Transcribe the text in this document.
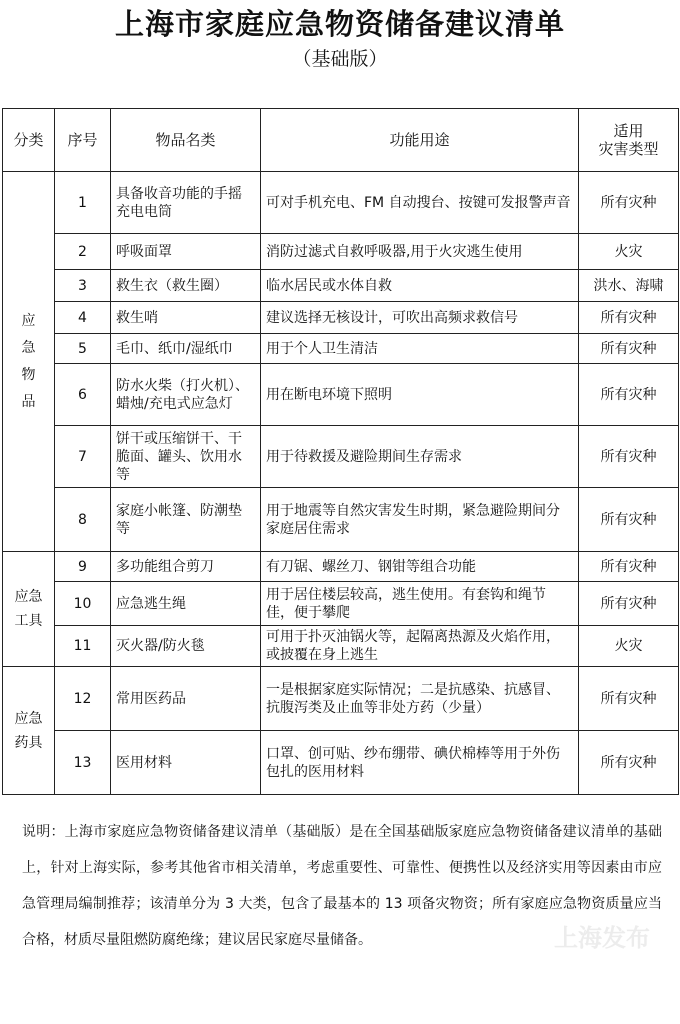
上海市家庭应急物资储备建议清单
（基础版）
分类	序号	物品名类	功能用途	适用
灾害类型
应
急
物
品	1	具备收音功能的手摇充电电筒	可对手机充电、FM 自动搜台、按键可发报警声音	所有灾种
	2	呼吸面罩	消防过滤式自救呼吸器,用于火灾逃生使用	火灾
	3	救生衣（救生圈）	临水居民或水体自救	洪水、海啸
	4	救生哨	建议选择无核设计，可吹出高频求救信号	所有灾种
	5	毛巾、纸巾/湿纸巾	用于个人卫生清洁	所有灾种
	6	防水火柴（打火机）、蜡烛/充电式应急灯	用在断电环境下照明	所有灾种
	7	饼干或压缩饼干、干脆面、罐头、饮用水等	用于待救援及避险期间生存需求	所有灾种
	8	家庭小帐篷、防潮垫等	用于地震等自然灾害发生时期，紧急避险期间分家庭居住需求	所有灾种
应急
工具	9	多功能组合剪刀	有刀锯、螺丝刀、钢钳等组合功能	所有灾种
	10	应急逃生绳	用于居住楼层较高，逃生使用。有套钩和绳节佳，便于攀爬	所有灾种
	11	灭火器/防火毯	可用于扑灭油锅火等，起隔离热源及火焰作用，或披覆在身上逃生	火灾
应急
药具	12	常用医药品	一是根据家庭实际情况；二是抗感染、抗感冒、抗腹泻类及止血等非处方药（少量）	所有灾种
	13	医用材料	口罩、创可贴、纱布绷带、碘伏棉棒等用于外伤包扎的医用材料	所有灾种
说明：上海市家庭应急物资储备建议清单（基础版）是在全国基础版家庭应急物资储备建议清单的基础上，针对上海实际，参考其他省市相关清单，考虑重要性、可靠性、便携性以及经济实用等因素由市应急管理局编制推荐；该清单分为 3 大类，包含了最基本的 13 项备灾物资；所有家庭应急物资质量应当合格，材质尽量阻燃防腐绝缘；建议居民家庭尽量储备。	上海发布
